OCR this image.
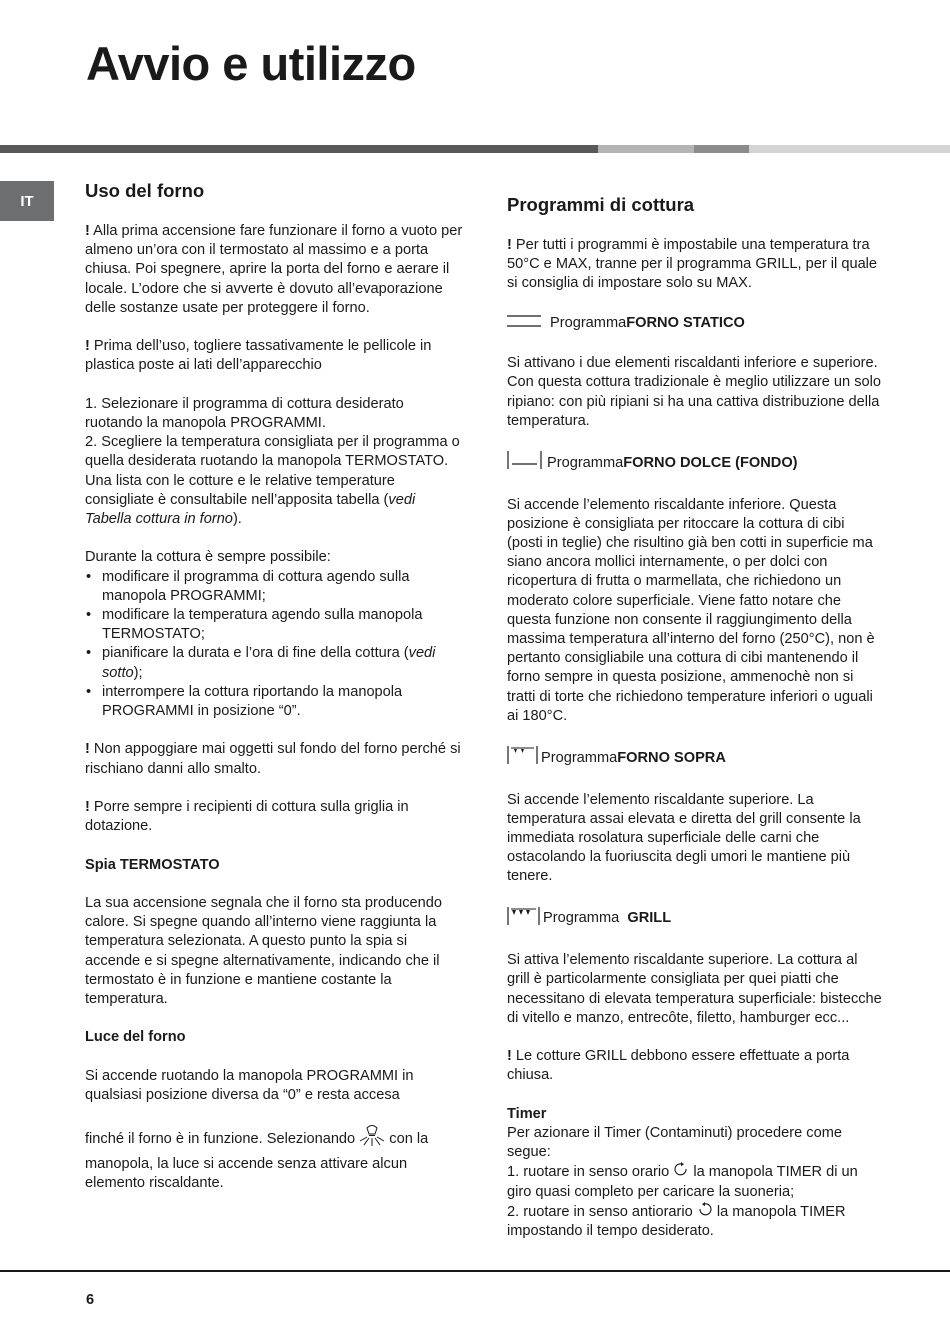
Avvio e utilizzo
IT	Uso del forno

! Alla prima accensione fare funzionare il forno a vuoto per almeno un’ora con il termostato al massimo e a porta chiusa. Poi spegnere, aprire la porta del forno e aerare il locale. L’odore che si avverte è dovuto all’evaporazione delle sostanze usate per proteggere il forno.

! Prima dell’uso, togliere tassativamente le pellicole in plastica poste ai lati dell’apparecchio

1. Selezionare il programma di cottura desiderato ruotando la manopola PROGRAMMI.

2. Scegliere la temperatura consigliata per il programma o quella desiderata ruotando la manopola TERMOSTATO.

Una lista con le cotture e le relative temperature consigliate è consultabile nell’apposita tabella (vedi Tabella cottura in forno).

Durante la cottura è sempre possibile:

• modificare il programma di cottura agendo sulla manopola PROGRAMMI;
• modificare la temperatura agendo sulla manopola TERMOSTATO;
• pianificare la durata e l’ora di fine della cottura (vedi sotto);
• interrompere la cottura riportando la manopola PROGRAMMI in posizione “0”.

! Non appoggiare mai oggetti sul fondo del forno perché si rischiano danni allo smalto.

! Porre sempre i recipienti di cottura sulla griglia in dotazione.

Spia TERMOSTATO

La sua accensione segnala che il forno sta producendo calore. Si spegne quando all’interno viene raggiunta la temperatura selezionata. A questo punto la spia si accende e si spegne alternativamente, indicando che il termostato è in funzione e mantiene costante la temperatura.

Luce del forno

Si accende ruotando la manopola PROGRAMMI in qualsiasi posizione diversa da “0” e resta accesa

finché il forno è in funzione. Selezionando  con la manopola, la luce si accende senza attivare alcun elemento riscaldante.

Programmi di cottura

! Per tutti i programmi è impostabile una temperatura tra 50°C e MAX, tranne per il programma GRILL, per il quale si consiglia di impostare solo su MAX.

Programma FORNO STATICO

Si attivano i due elementi riscaldanti inferiore e superiore. Con questa cottura tradizionale è meglio utilizzare un solo ripiano: con più ripiani si ha una cattiva distribuzione della temperatura.

Programma FORNO DOLCE (FONDO)

Si accende l’elemento riscaldante inferiore. Questa posizione è consigliata per ritoccare la cottura di cibi (posti in teglie) che risultino già ben cotti in superficie ma siano ancora mollici internamente, o per dolci con ricopertura di frutta o marmellata, che richiedono un moderato colore superficiale. Viene fatto notare che questa funzione non consente il raggiungimento della massima temperatura all’interno del forno (250°C), non è pertanto consigliabile una cottura di cibi mantenendo il forno sempre in questa posizione, ammenochè non si tratti di torte che richiedono temperature inferiori o uguali ai 180°C.

Programma FORNO SOPRA

Si accende l’elemento riscaldante superiore. La temperatura assai elevata e diretta del grill consente la immediata rosolatura superficiale delle carni che ostacolando la fuoriuscita degli umori le mantiene più tenere.

Programma GRILL

Si attiva l’elemento riscaldante superiore. La cottura al grill è particolarmente consigliata per quei piatti che necessitano di elevata temperatura superficiale: bistecche di vitello e manzo, entrecôte, filetto, hamburger ecc...

! Le cotture GRILL debbono essere effettuate a porta chiusa.

Timer

Per azionare il Timer (Contaminuti) procedere come segue:

1. ruotare in senso orario  la manopola TIMER di un giro quasi completo per caricare la suoneria;

2. ruotare in senso antiorario  la manopola TIMER impostando il tempo desiderato.

6
